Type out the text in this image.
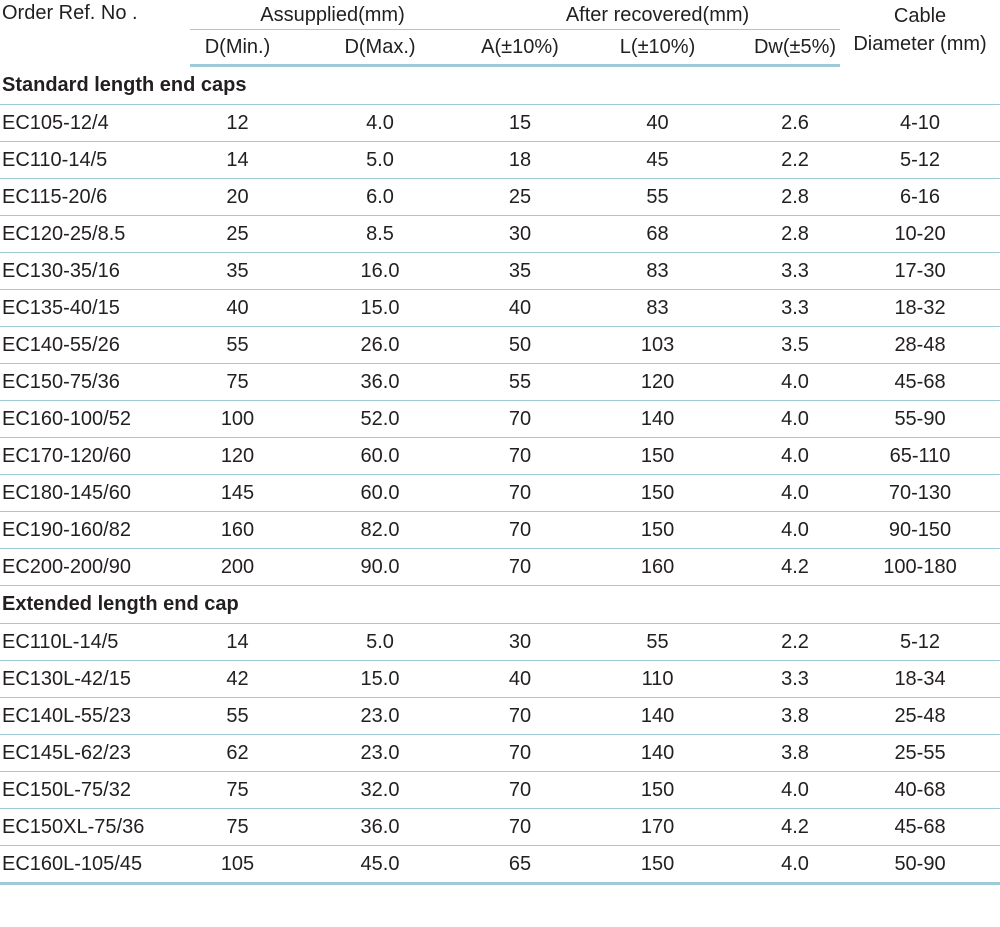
Order Ref. No .	Assupplied(mm)		After recovered(mm)			Cable
Diameter (mm)
	D(Min.)	D(Max.)	A(±10%)	L(±10%)	Dw(±5%)	
Standard length end caps						
EC105-12/4	12	4.0	15	40	2.6	4-10
EC110-14/5	14	5.0	18	45	2.2	5-12
EC115-20/6	20	6.0	25	55	2.8	6-16
EC120-25/8.5	25	8.5	30	68	2.8	10-20
EC130-35/16	35	16.0	35	83	3.3	17-30
EC135-40/15	40	15.0	40	83	3.3	18-32
EC140-55/26	55	26.0	50	103	3.5	28-48
EC150-75/36	75	36.0	55	120	4.0	45-68
EC160-100/52	100	52.0	70	140	4.0	55-90
EC170-120/60	120	60.0	70	150	4.0	65-110
EC180-145/60	145	60.0	70	150	4.0	70-130
EC190-160/82	160	82.0	70	150	4.0	90-150
EC200-200/90	200	90.0	70	160	4.2	100-180
Extended length end cap						
EC110L-14/5	14	5.0	30	55	2.2	5-12
EC130L-42/15	42	15.0	40	110	3.3	18-34
EC140L-55/23	55	23.0	70	140	3.8	25-48
EC145L-62/23	62	23.0	70	140	3.8	25-55
EC150L-75/32	75	32.0	70	150	4.0	40-68
EC150XL-75/36	75	36.0	70	170	4.2	45-68
EC160L-105/45	105	45.0	65	150	4.0	50-90
